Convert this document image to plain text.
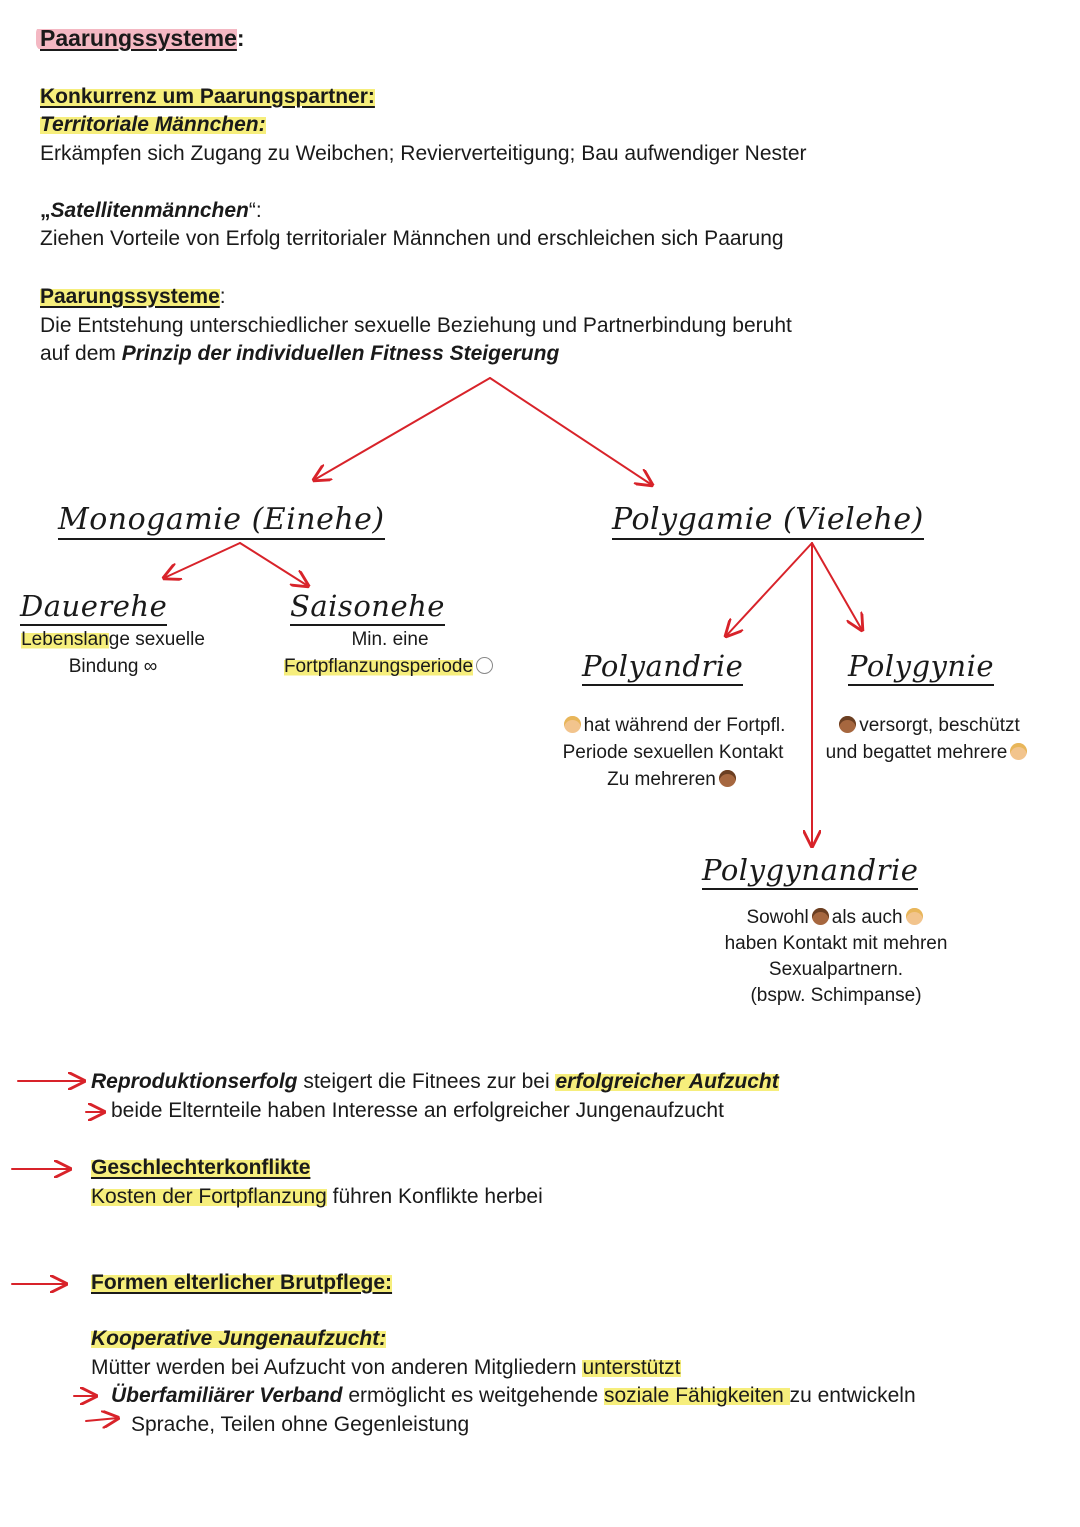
Paarungssysteme:
Konkurrenz um Paarungspartner:
Territoriale Männchen:
Erkämpfen sich Zugang zu Weibchen; Revierverteitigung; Bau aufwendiger Nester
„Satellitenmännchen“:
Ziehen Vorteile von Erfolg territorialer Männchen und erschleichen sich Paarung
Paarungssysteme:
Die Entstehung unterschiedlicher sexuelle Beziehung und Partnerbindung beruht
auf dem Prinzip der individuellen Fitness Steigerung
Monogamie (Einehe)	Polygamie (Vielehe)
Dauerehe
Lebenslange sexuelle
Bindung ∞
Saisonehe
Min. eine
Fortpflanzungsperiode	Polyandrie
hat während der Fortpfl.
Periode sexuellen Kontakt
Zu mehreren
Polygynie
versorgt, beschützt
und begattet mehrere
Polygynandrie
Sowohl als auch
haben Kontakt mit mehren
Sexualpartnern.
(bspw. Schimpanse)
Reproduktionserfolg steigert die Fitnees zur bei erfolgreicher Aufzucht
beide Elternteile haben Interesse an erfolgreicher Jungenaufzucht
Geschlechterkonflikte
Kosten der Fortpflanzung führen Konflikte herbei
Formen elterlicher Brutpflege:
Kooperative Jungenaufzucht:
Mütter werden bei Aufzucht von anderen Mitgliedern unterstützt
Überfamiliärer Verband ermöglicht es weitgehende soziale Fähigkeiten zu entwickeln
Sprache, Teilen ohne Gegenleistung
